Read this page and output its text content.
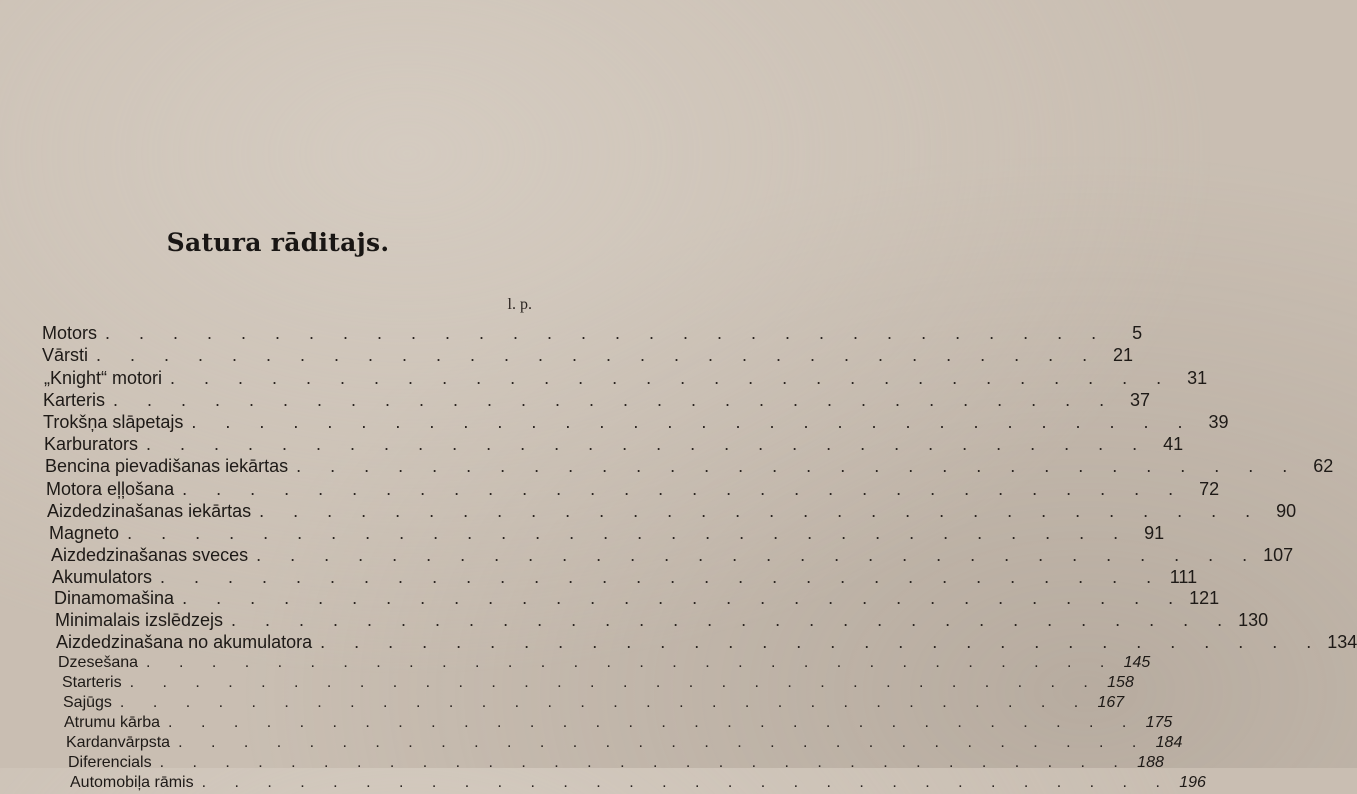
Satura rāditajs.
l. p.
Motors . . . . . . . . . . . . . . . . . . . . . . . . . . . . . .	5
Vārsti . . . . . . . . . . . . . . . . . . . . . . . . . . . . . . 21
„Knight“ motori . . . . . . . . . . . . . . . . . . . . . . . . . . . . . . 31
Karteris . . . . . . . . . . . . . . . . . . . . . . . . . . . . . . 37
Trokšņa slāpetajs . . . . . . . . . . . . . . . . . . . . . . . . . . . . . . 39
Karburators . . . . . . . . . . . . . . . . . . . . . . . . . . . . . . 41
Bencina pievadišanas iekārtas . . . . . . . . . . . . . . . . . . . . . . . . . . . . . . 62
Motora eļļošana . . . . . . . . . . . . . . . . . . . . . . . . . . . . . . 72
Aizdedzinašanas iekārtas . . . . . . . . . . . . . . . . . . . . . . . . . . . . . . 90
Magneto . . . . . . . . . . . . . . . . . . . . . . . . . . . . . . 91
Aizdedzinašanas sveces . . . . . . . . . . . . . . . . . . . . . . . . . . . . . . 107
Akumulators . . . . . . . . . . . . . . . . . . . . . . . . . . . . . . 111
Dinamomašina . . . . . . . . . . . . . . . . . . . . . . . . . . . . . . 121
Minimalais izslēdzejs . . . . . . . . . . . . . . . . . . . . . . . . . . . . . . 130
Aizdedzinašana no akumulatora . . . . . . . . . . . . . . . . . . . . . . . . . . . . . . 134
Dzesešana . . . . . . . . . . . . . . . . . . . . . . . . . . . . . . 145
Starteris . . . . . . . . . . . . . . . . . . . . . . . . . . . . . . 158
Sajūgs . . . . . . . . . . . . . . . . . . . . . . . . . . . . . . 167
Atrumu kārba . . . . . . . . . . . . . . . . . . . . . . . . . . . . . . 175
Kardanvārpsta . . . . . . . . . . . . . . . . . . . . . . . . . . . . . . 184
Diferencials . . . . . . . . . . . . . . . . . . . . . . . . . . . . . . 188
Automobiļa rāmis . . . . . . . . . . . . . . . . . . . . . . . . . . . . . . 196
